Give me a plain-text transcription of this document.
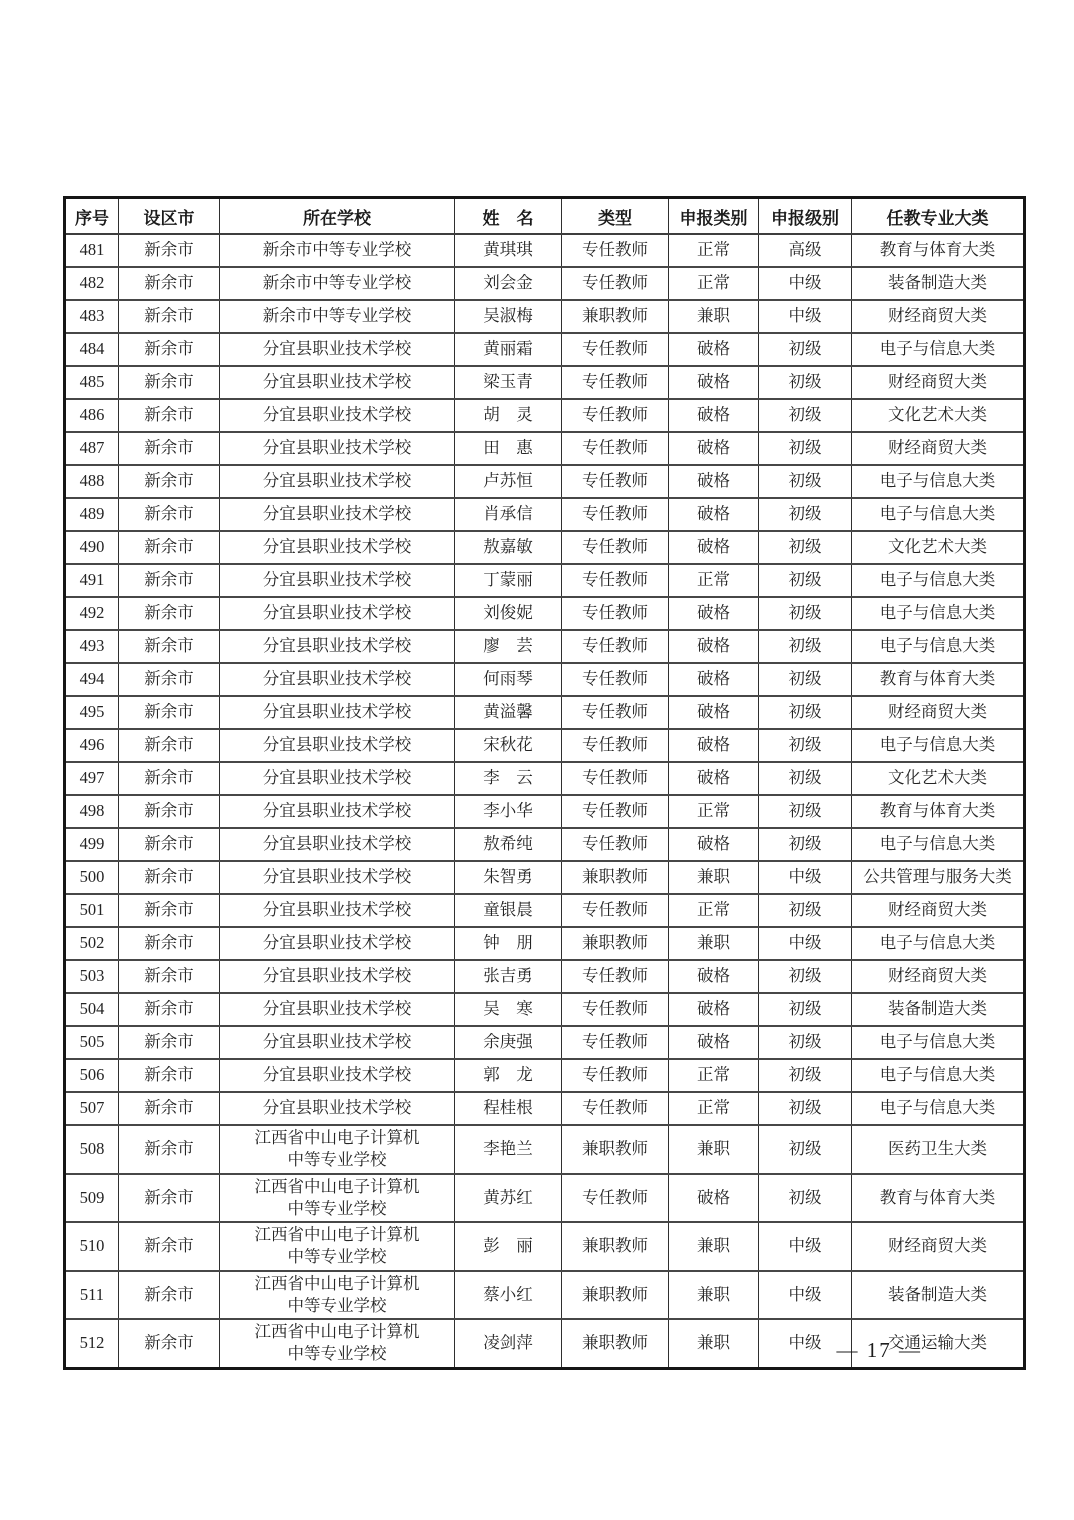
序号	设区市	所在学校	姓　名	类型	申报类别	申报级别	任教专业大类
481	新余市	新余市中等专业学校	黄琪琪	专任教师	正常	高级	教育与体育大类
482	新余市	新余市中等专业学校	刘会金	专任教师	正常	中级	装备制造大类
483	新余市	新余市中等专业学校	吴淑梅	兼职教师	兼职	中级	财经商贸大类
484	新余市	分宜县职业技术学校	黄丽霜	专任教师	破格	初级	电子与信息大类
485	新余市	分宜县职业技术学校	梁玉青	专任教师	破格	初级	财经商贸大类
486	新余市	分宜县职业技术学校	胡　灵	专任教师	破格	初级	文化艺术大类
487	新余市	分宜县职业技术学校	田　惠	专任教师	破格	初级	财经商贸大类
488	新余市	分宜县职业技术学校	卢苏恒	专任教师	破格	初级	电子与信息大类
489	新余市	分宜县职业技术学校	肖承信	专任教师	破格	初级	电子与信息大类
490	新余市	分宜县职业技术学校	敖嘉敏	专任教师	破格	初级	文化艺术大类
491	新余市	分宜县职业技术学校	丁蒙丽	专任教师	正常	初级	电子与信息大类
492	新余市	分宜县职业技术学校	刘俊妮	专任教师	破格	初级	电子与信息大类
493	新余市	分宜县职业技术学校	廖　芸	专任教师	破格	初级	电子与信息大类
494	新余市	分宜县职业技术学校	何雨琴	专任教师	破格	初级	教育与体育大类
495	新余市	分宜县职业技术学校	黄溢馨	专任教师	破格	初级	财经商贸大类
496	新余市	分宜县职业技术学校	宋秋花	专任教师	破格	初级	电子与信息大类
497	新余市	分宜县职业技术学校	李　云	专任教师	破格	初级	文化艺术大类
498	新余市	分宜县职业技术学校	李小华	专任教师	正常	初级	教育与体育大类
499	新余市	分宜县职业技术学校	敖希纯	专任教师	破格	初级	电子与信息大类
500	新余市	分宜县职业技术学校	朱智勇	兼职教师	兼职	中级	公共管理与服务大类
501	新余市	分宜县职业技术学校	童银晨	专任教师	正常	初级	财经商贸大类
502	新余市	分宜县职业技术学校	钟　朋	兼职教师	兼职	中级	电子与信息大类
503	新余市	分宜县职业技术学校	张吉勇	专任教师	破格	初级	财经商贸大类
504	新余市	分宜县职业技术学校	吴　寒	专任教师	破格	初级	装备制造大类
505	新余市	分宜县职业技术学校	余庚强	专任教师	破格	初级	电子与信息大类
506	新余市	分宜县职业技术学校	郭　龙	专任教师	正常	初级	电子与信息大类
507	新余市	分宜县职业技术学校	程桂根	专任教师	正常	初级	电子与信息大类
508	新余市	江西省中山电子计算机
中等专业学校	李艳兰	兼职教师	兼职	初级	医药卫生大类
509	新余市	江西省中山电子计算机
中等专业学校	黄苏红	专任教师	破格	初级	教育与体育大类
510	新余市	江西省中山电子计算机
中等专业学校	彭　丽	兼职教师	兼职	中级	财经商贸大类
511	新余市	江西省中山电子计算机
中等专业学校	蔡小红	兼职教师	兼职	中级	装备制造大类
512	新余市	江西省中山电子计算机
中等专业学校	凌剑萍	兼职教师	兼职	中级	交通运输大类
— 17 —
